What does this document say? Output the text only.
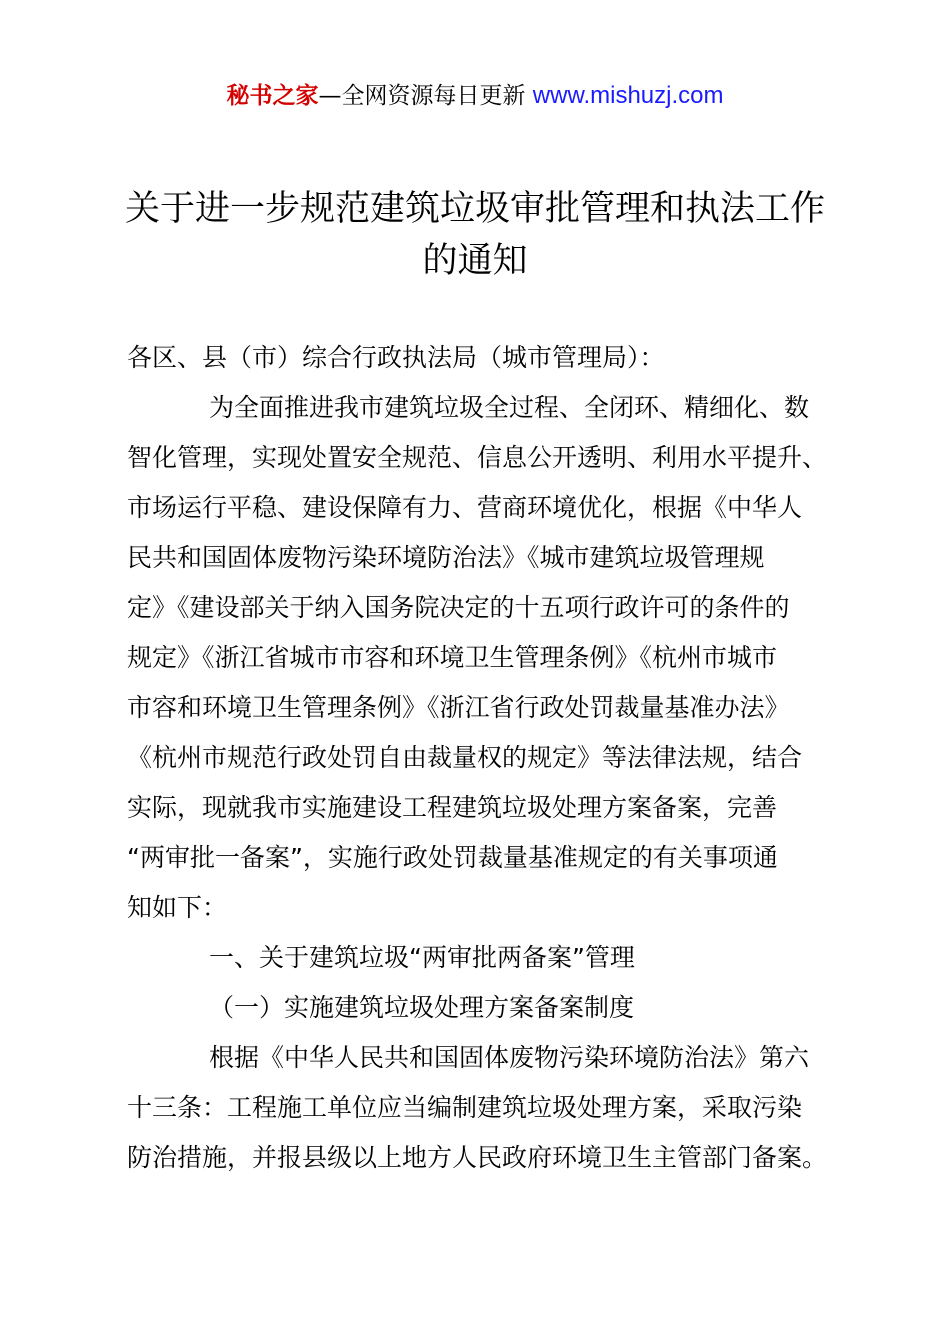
秘书之家—全网资源每日更新 www.mishuzj.com
关于进一步规范建筑垃圾审批管理和执法工作
的通知
各区、县（市）综合行政执法局（城市管理局）：
为全面推进我市建筑垃圾全过程、全闭环、精细化、数
智化管理，实现处置安全规范、信息公开透明、利用水平提升、
市场运行平稳、建设保障有力、营商环境优化，根据《中华人
民共和国固体废物污染环境防治法》《城市建筑垃圾管理规
定》《建设部关于纳入国务院决定的十五项行政许可的条件的
规定》《浙江省城市市容和环境卫生管理条例》《杭州市城市
市容和环境卫生管理条例》《浙江省行政处罚裁量基准办法》
《杭州市规范行政处罚自由裁量权的规定》等法律法规，结合
实际，现就我市实施建设工程建筑垃圾处理方案备案，完善
“两审批一备案”，实施行政处罚裁量基准规定的有关事项通
知如下：
一、关于建筑垃圾“两审批两备案”管理
（一）实施建筑垃圾处理方案备案制度
根据《中华人民共和国固体废物污染环境防治法》第六
十三条：工程施工单位应当编制建筑垃圾处理方案，采取污染
防治措施，并报县级以上地方人民政府环境卫生主管部门备案。
